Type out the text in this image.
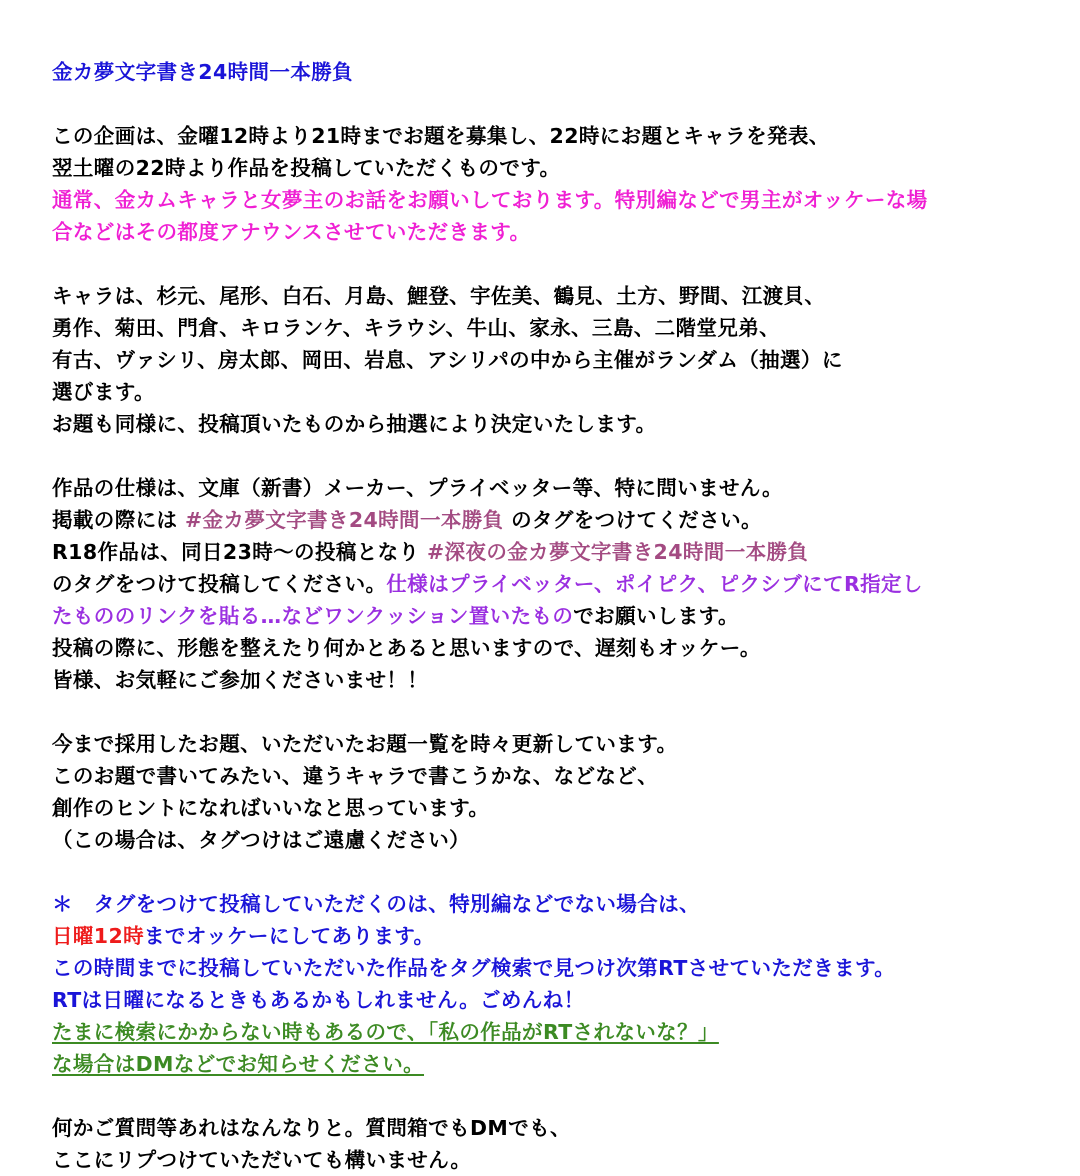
金カ夢文字書き24時間一本勝負
この企画は、金曜12時より21時までお題を募集し、22時にお題とキャラを発表、
翌土曜の22時より作品を投稿していただくものです。
通常、金カムキャラと女夢主のお話をお願いしております。特別編などで男主がオッケーな場
合などはその都度アナウンスさせていただきます。
キャラは、杉元、尾形、白石、月島、鯉登、宇佐美、鶴見、土方、野間、江渡貝、
勇作、菊田、門倉、キロランケ、キラウシ、牛山、家永、三島、二階堂兄弟、
有古、ヴァシリ、房太郎、岡田、岩息、アシリパの中から主催がランダム（抽選）に
選びます。
お題も同様に、投稿頂いたものから抽選により決定いたします。
作品の仕様は、文庫（新書）メーカー、プライベッター等、特に問いません。
掲載の際には #金カ夢文字書き24時間一本勝負 のタグをつけてください。
R18作品は、同日23時〜の投稿となり #深夜の金カ夢文字書き24時間一本勝負
のタグをつけて投稿してください。仕様はプライベッター、ポイピク、ピクシブにてR指定し
たもののリンクを貼る…などワンクッション置いたものでお願いします。
投稿の際に、形態を整えたり何かとあると思いますので、遅刻もオッケー。
皆様、お気軽にご参加くださいませ！！
今まで採用したお題、いただいたお題一覧を時々更新しています。
このお題で書いてみたい、違うキャラで書こうかな、などなど、
創作のヒントになればいいなと思っています。
（この場合は、タグつけはご遠慮ください）
＊　タグをつけて投稿していただくのは、特別編などでない場合は、
日曜12時までオッケーにしてあります。
この時間までに投稿していただいた作品をタグ検索で見つけ次第RTさせていただきます。
RTは日曜になるときもあるかもしれません。ごめんね！
たまに検索にかからない時もあるので、「私の作品がRTされないな？」
な場合はDMなどでお知らせください。
何かご質問等あれはなんなりと。質問箱でもDMでも、
ここにリプつけていただいても構いません。
